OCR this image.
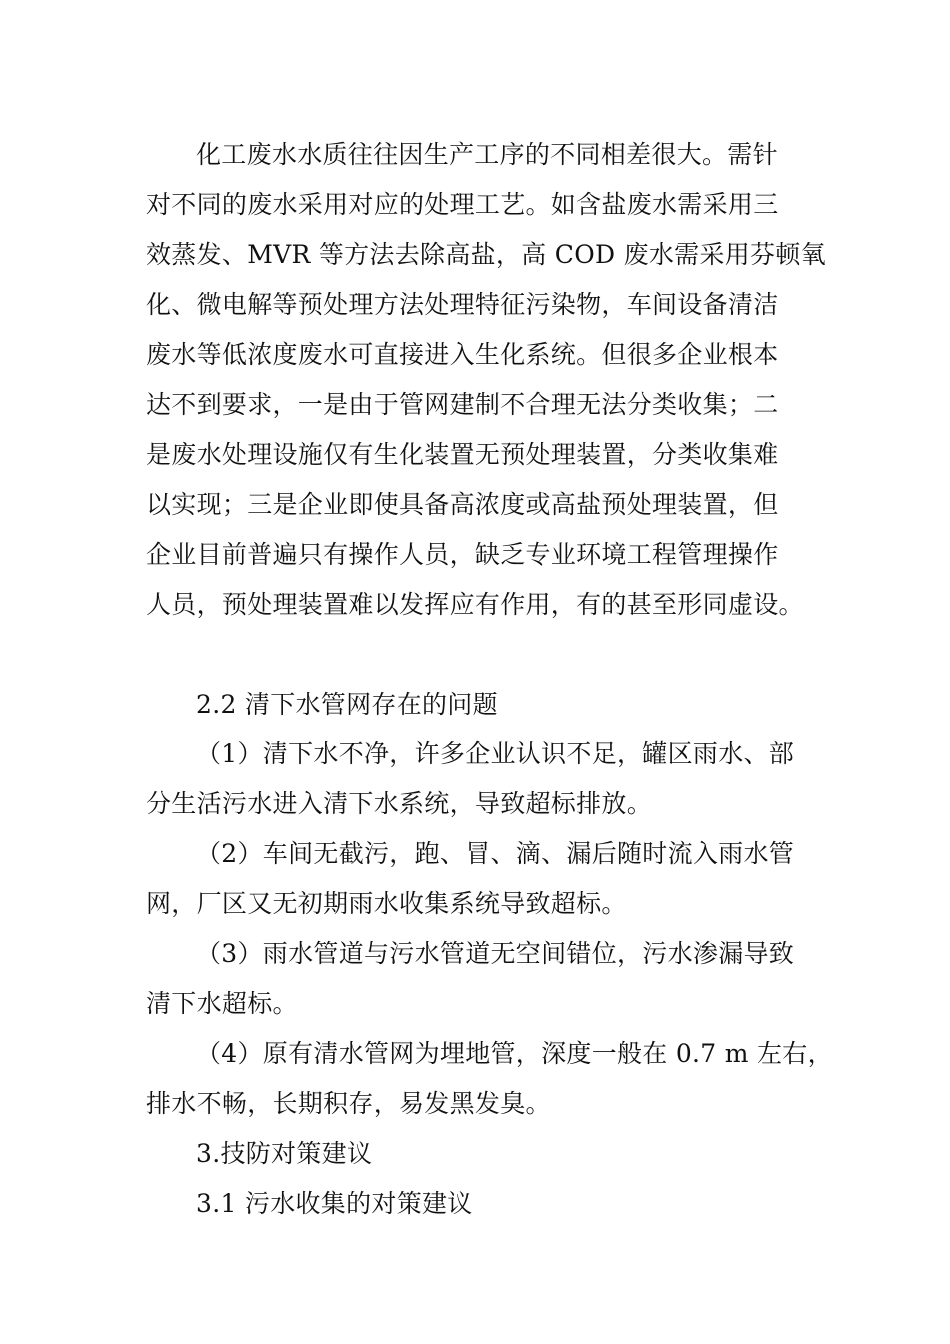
化工废水水质往往因生产工序的不同相差很大。需针
对不同的废水采用对应的处理工艺。如含盐废水需采用三
效蒸发、MVR 等方法去除高盐，高 COD 废水需采用芬顿氧
化、微电解等预处理方法处理特征污染物，车间设备清洁
废水等低浓度废水可直接进入生化系统。但很多企业根本
达不到要求，一是由于管网建制不合理无法分类收集；二
是废水处理设施仅有生化装置无预处理装置，分类收集难
以实现；三是企业即使具备高浓度或高盐预处理装置，但
企业目前普遍只有操作人员，缺乏专业环境工程管理操作
人员，预处理装置难以发挥应有作用，有的甚至形同虚设。
2.2 清下水管网存在的问题
（1）清下水不净，许多企业认识不足，罐区雨水、部
分生活污水进入清下水系统，导致超标排放。
（2）车间无截污，跑、冒、滴、漏后随时流入雨水管
网，厂区又无初期雨水收集系统导致超标。
（3）雨水管道与污水管道无空间错位，污水渗漏导致
清下水超标。
（4）原有清水管网为埋地管，深度一般在 0.7 m 左右，
排水不畅，长期积存，易发黑发臭。
3.技防对策建议
3.1 污水收集的对策建议
